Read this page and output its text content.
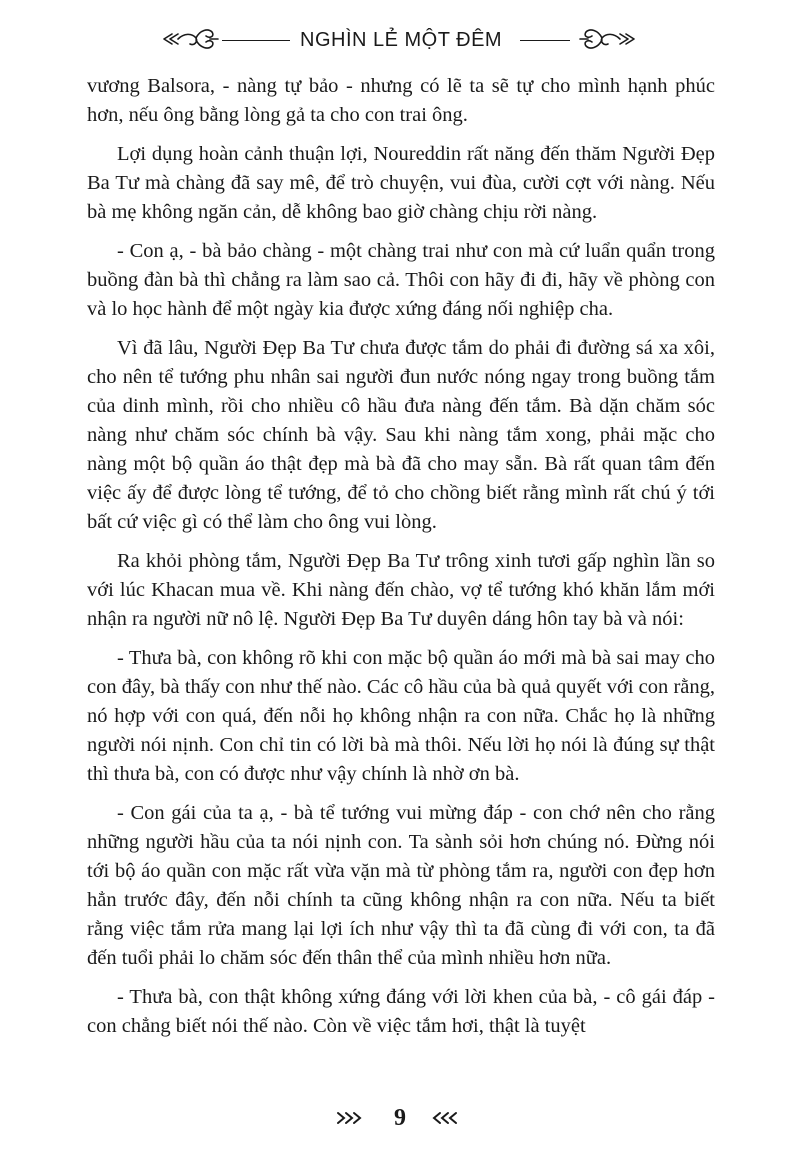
NGHÌN LẺ MỘT ĐÊM

vương Balsora, - nàng tự bảo - nhưng có lẽ ta sẽ tự cho mình hạnh phúc hơn, nếu ông bằng lòng gả ta cho con trai ông.

Lợi dụng hoàn cảnh thuận lợi, Noureddin rất năng đến thăm Người Đẹp Ba Tư mà chàng đã say mê, để trò chuyện, vui đùa, cười cợt với nàng. Nếu bà mẹ không ngăn cản, dễ không bao giờ chàng chịu rời nàng.

- Con ạ, - bà bảo chàng - một chàng trai như con mà cứ luẩn quẩn trong buồng đàn bà thì chẳng ra làm sao cả. Thôi con hãy đi đi, hãy về phòng con và lo học hành để một ngày kia được xứng đáng nối nghiệp cha.

Vì đã lâu, Người Đẹp Ba Tư chưa được tắm do phải đi đường sá xa xôi, cho nên tể tướng phu nhân sai người đun nước nóng ngay trong buồng tắm của dinh mình, rồi cho nhiều cô hầu đưa nàng đến tắm. Bà dặn chăm sóc nàng như chăm sóc chính bà vậy. Sau khi nàng tắm xong, phải mặc cho nàng một bộ quần áo thật đẹp mà bà đã cho may sẵn. Bà rất quan tâm đến việc ấy để được lòng tể tướng, để tỏ cho chồng biết rằng mình rất chú ý tới bất cứ việc gì có thể làm cho ông vui lòng.

Ra khỏi phòng tắm, Người Đẹp Ba Tư trông xinh tươi gấp nghìn lần so với lúc Khacan mua về. Khi nàng đến chào, vợ tể tướng khó khăn lắm mới nhận ra người nữ nô lệ. Người Đẹp Ba Tư duyên dáng hôn tay bà và nói:

- Thưa bà, con không rõ khi con mặc bộ quần áo mới mà bà sai may cho con đây, bà thấy con như thế nào. Các cô hầu của bà quả quyết với con rằng, nó hợp với con quá, đến nỗi họ không nhận ra con nữa. Chắc họ là những người nói nịnh. Con chỉ tin có lời bà mà thôi. Nếu lời họ nói là đúng sự thật thì thưa bà, con có được như vậy chính là nhờ ơn bà.

- Con gái của ta ạ, - bà tể tướng vui mừng đáp - con chớ nên cho rằng những người hầu của ta nói nịnh con. Ta sành sỏi hơn chúng nó. Đừng nói tới bộ áo quần con mặc rất vừa vặn mà từ phòng tắm ra, người con đẹp hơn hẳn trước đây, đến nỗi chính ta cũng không nhận ra con nữa. Nếu ta biết rằng việc tắm rửa mang lại lợi ích như vậy thì ta đã cùng đi với con, ta đã đến tuổi phải lo chăm sóc đến thân thể của mình nhiều hơn nữa.

- Thưa bà, con thật không xứng đáng với lời khen của bà, - cô gái đáp - con chẳng biết nói thế nào. Còn về việc tắm hơi, thật là tuyệt

9
